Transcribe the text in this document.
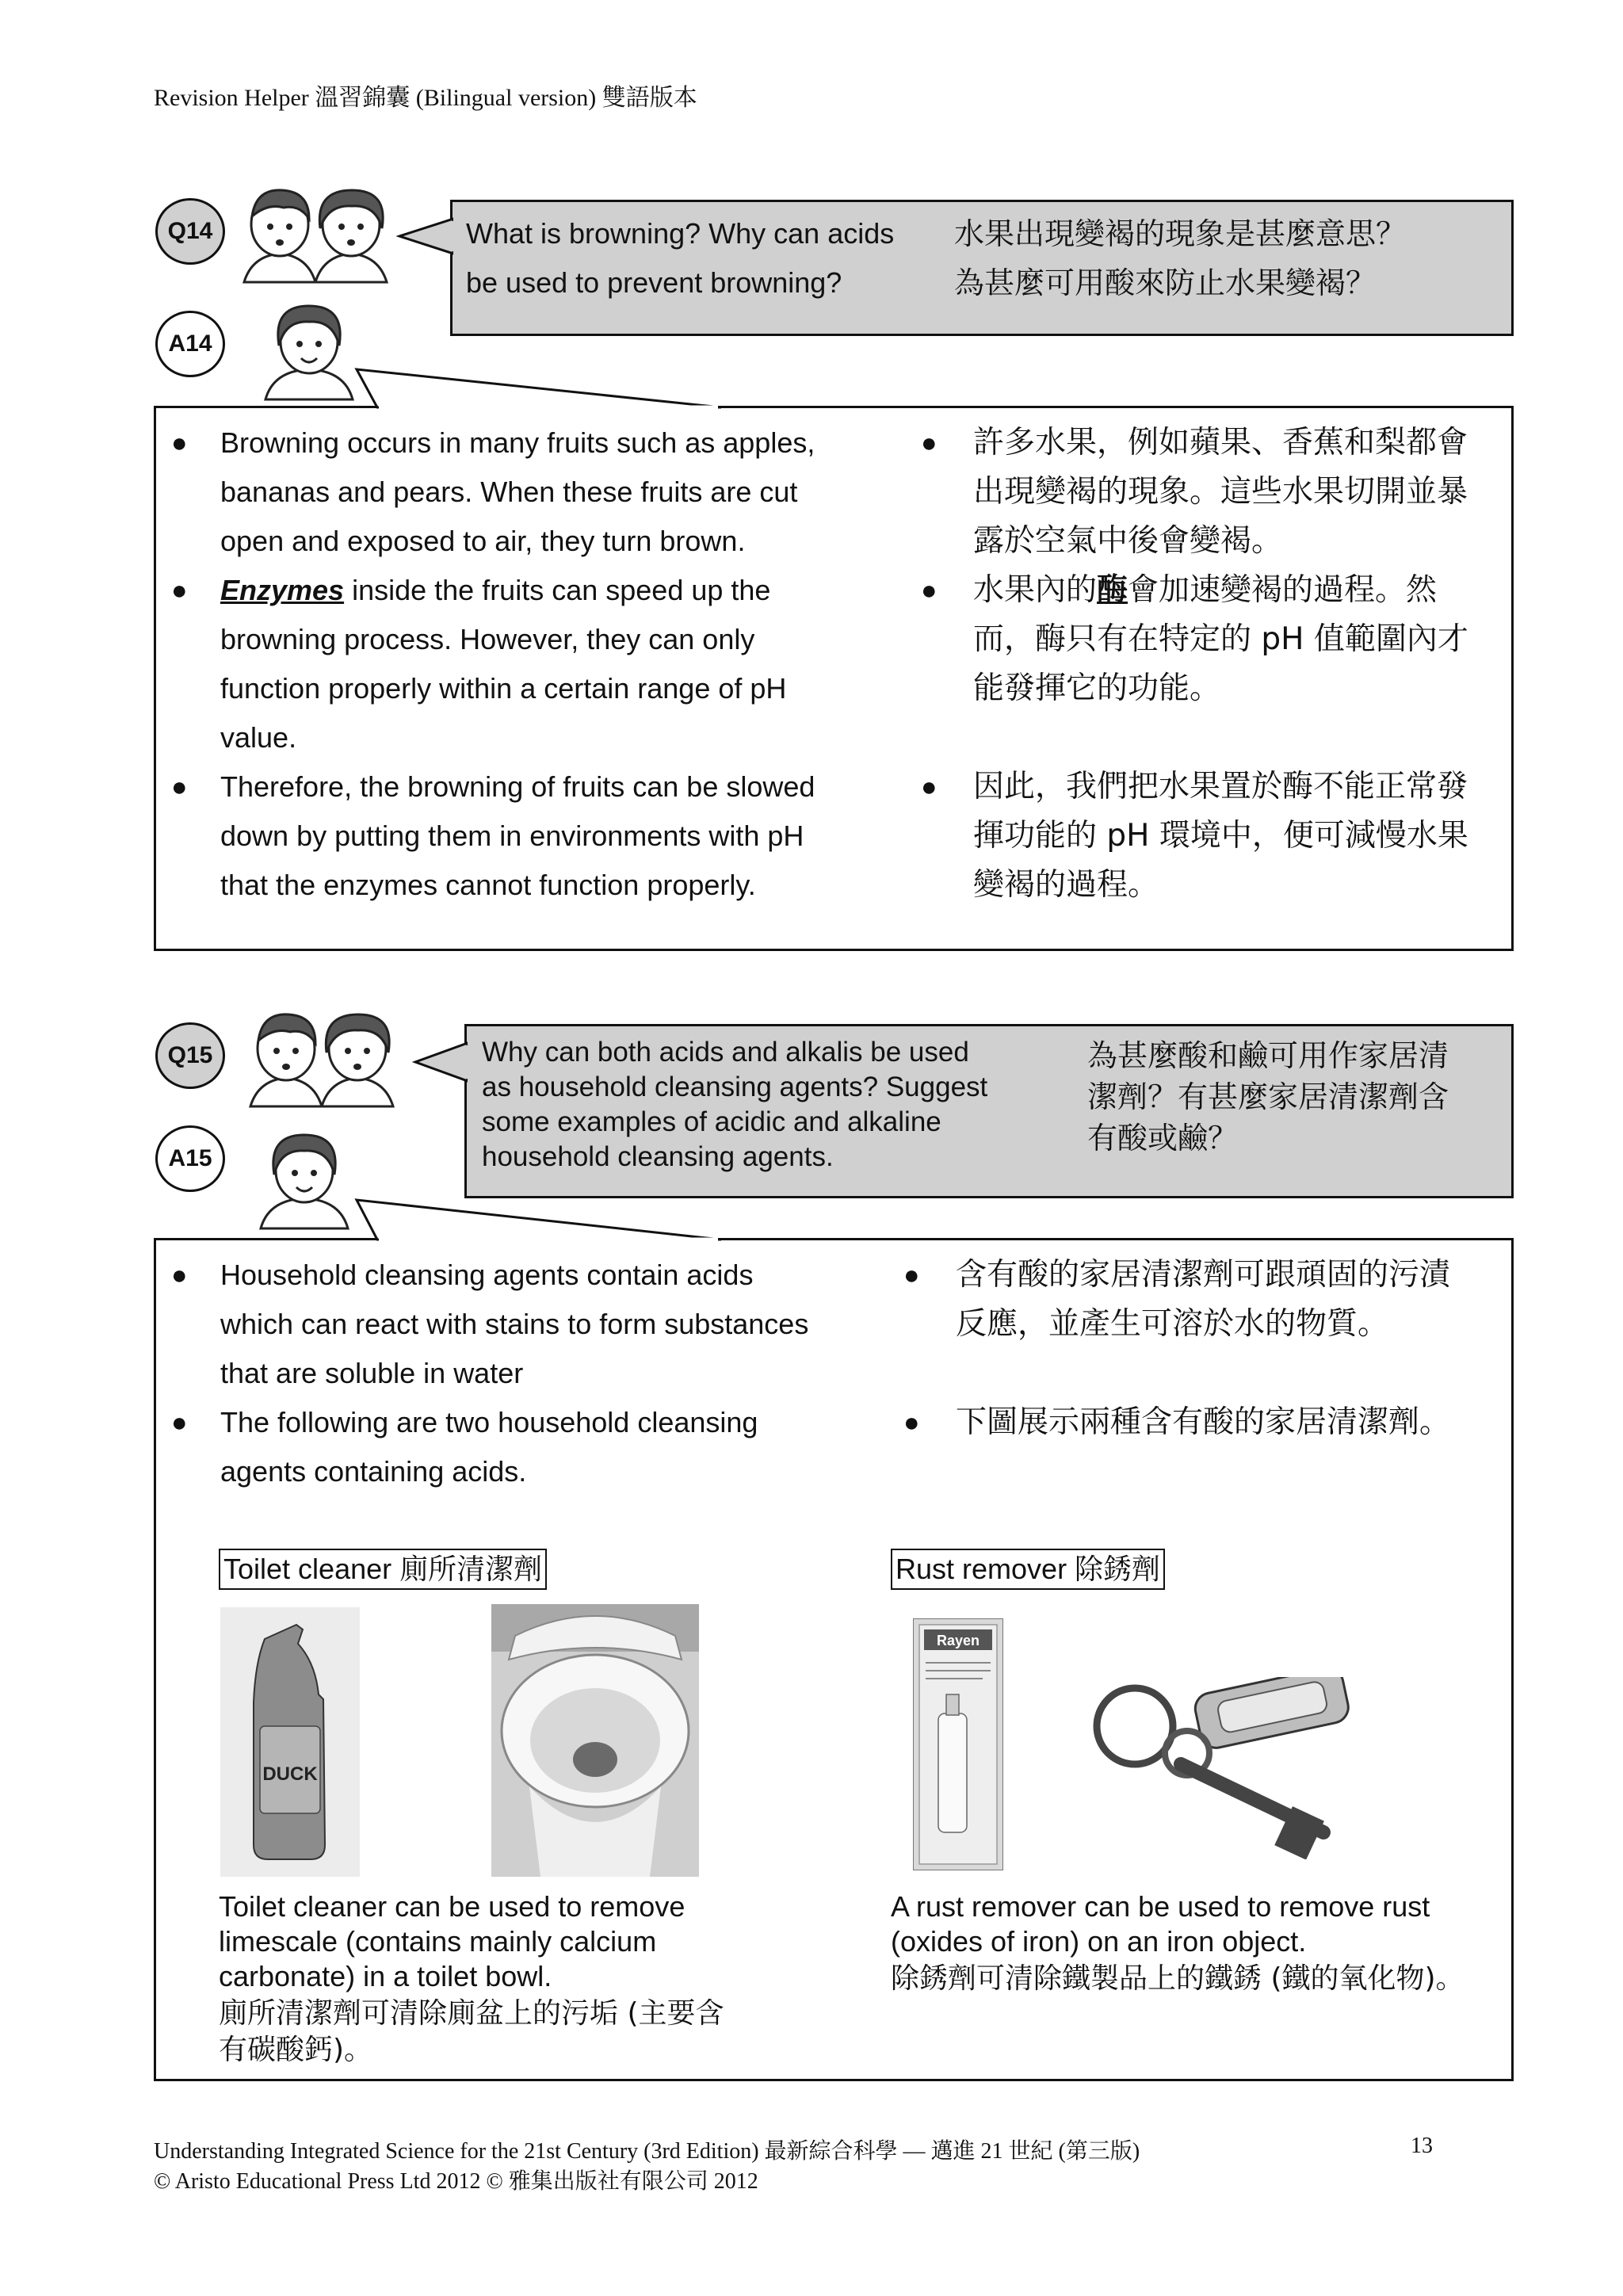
Revision Helper 溫習錦囊 (Bilingual version) 雙語版本
Q14
A14
What is browning? Why can acids
be used to prevent browning?
水果出現變褐的現象是甚麼意思？
為甚麼可用酸來防止水果變褐？
● Browning occurs in many fruits such as apples,
bananas and pears. When these fruits are cut
open and exposed to air, they turn brown.
● Enzymes inside the fruits can speed up the
browning process. However, they can only
function properly within a certain range of pH
value.
● Therefore, the browning of fruits can be slowed
down by putting them in environments with pH
that the enzymes cannot function properly.
● 許多水果，例如蘋果、香蕉和梨都會
出現變褐的現象。這些水果切開並暴
露於空氣中後會變褐。
● 水果內的酶會加速變褐的過程。然
而，酶只有在特定的 pH 值範圍內才
能發揮它的功能。
● 因此，我們把水果置於酶不能正常發
揮功能的 pH 環境中，便可減慢水果
變褐的過程。
Q15
A15
Why can both acids and alkalis be used
as household cleansing agents? Suggest
some examples of acidic and alkaline
household cleansing agents.
為甚麼酸和鹼可用作家居清
潔劑？有甚麼家居清潔劑含
有酸或鹼？
● Household cleansing agents contain acids
which can react with stains to form substances
that are soluble in water
● The following are two household cleansing
agents containing acids.
● 含有酸的家居清潔劑可跟頑固的污漬
反應，並產生可溶於水的物質。
● 下圖展示兩種含有酸的家居清潔劑。
Toilet cleaner 廁所清潔劑	Rust remover 除銹劑
DUCK
Rayen
Toilet cleaner can be used to remove
limescale (contains mainly calcium
carbonate) in a toilet bowl.
廁所清潔劑可清除廁盆上的污垢 (主要含
有碳酸鈣)。
A rust remover can be used to remove rust
(oxides of iron) on an iron object.
除銹劑可清除鐵製品上的鐵銹 (鐵的氧化物)。
Understanding Integrated Science for the 21st Century (3rd Edition) 最新綜合科學 — 邁進 21 世紀 (第三版)
© Aristo Educational Press Ltd 2012 © 雅集出版社有限公司 2012
13
